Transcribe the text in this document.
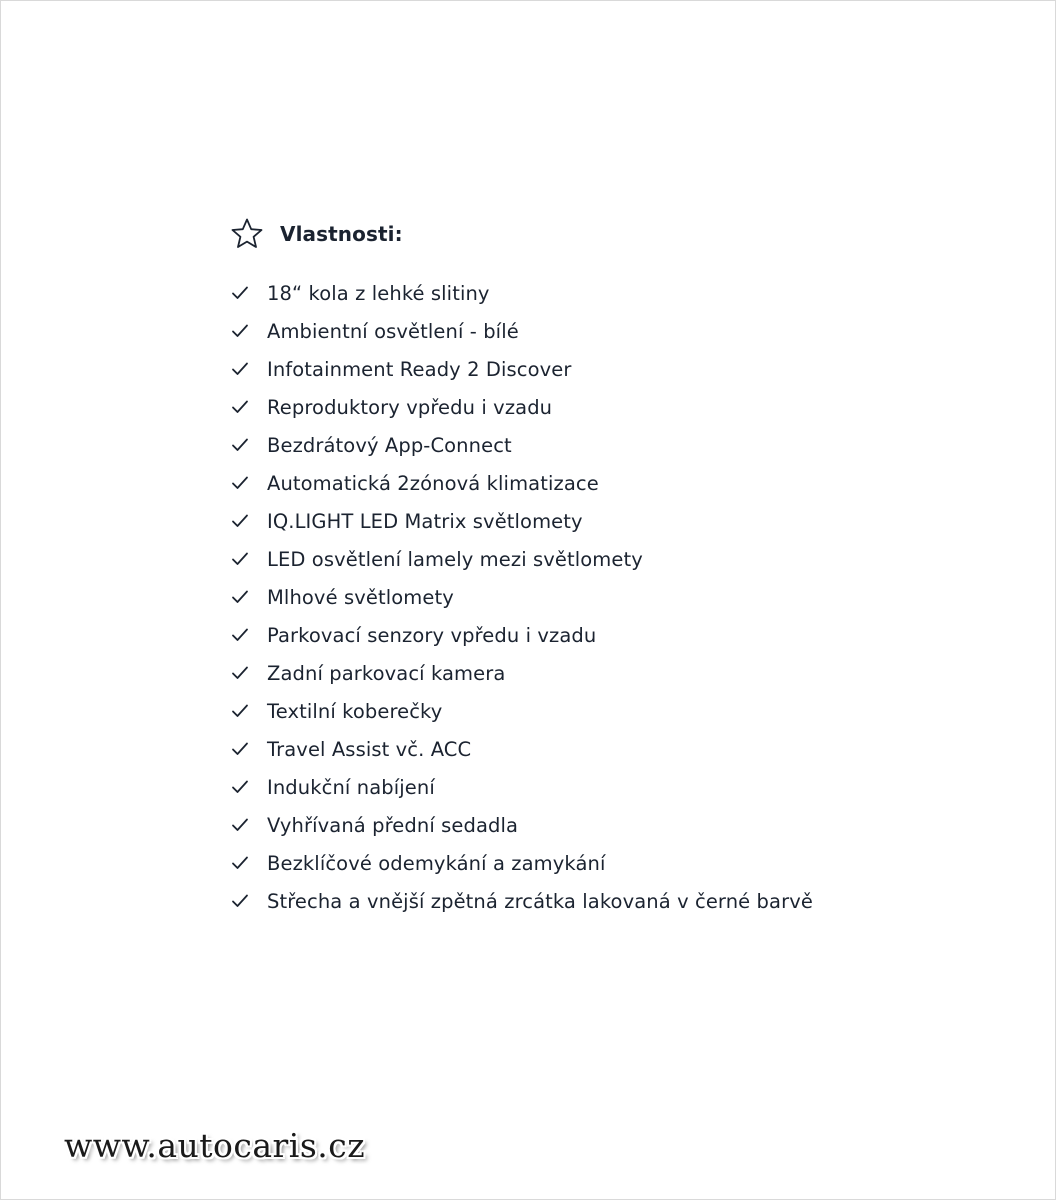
Vlastnosti:
18“ kola z lehké slitiny
Ambientní osvětlení - bílé
Infotainment Ready 2 Discover
Reproduktory vpředu i vzadu
Bezdrátový App-Connect
Automatická 2zónová klimatizace
IQ.LIGHT LED Matrix světlomety
LED osvětlení lamely mezi světlomety
Mlhové světlomety
Parkovací senzory vpředu i vzadu
Zadní parkovací kamera
Textilní koberečky
Travel Assist vč. ACC
Indukční nabíjení
Vyhřívaná přední sedadla
Bezklíčové odemykání a zamykání
Střecha a vnější zpětná zrcátka lakovaná v černé barvě
www.autocaris.cz
